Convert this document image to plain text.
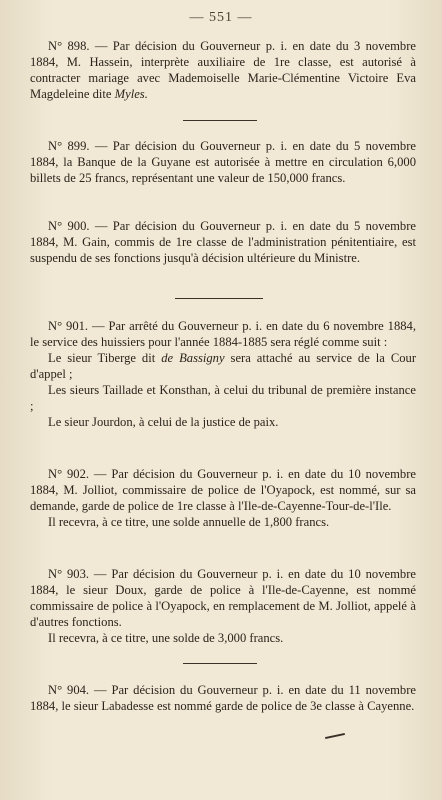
— 551 —

N° 898. — Par décision du Gouverneur p. i. en date du 3 novembre 1884, M. Hassein, interprète auxiliaire de 1re classe, est autorisé à contracter mariage avec Mademoiselle Marie-Clémentine Victoire Eva Magdeleine dite Myles.

N° 899. — Par décision du Gouverneur p. i. en date du 5 novembre 1884, la Banque de la Guyane est autorisée à mettre en circulation 6,000 billets de 25 francs, représentant une valeur de 150,000 francs.

N° 900. — Par décision du Gouverneur p. i. en date du 5 novembre 1884, M. Gain, commis de 1re classe de l'administration pénitentiaire, est suspendu de ses fonctions jusqu'à décision ultérieure du Ministre.

N° 901. — Par arrêté du Gouverneur p. i. en date du 6 novembre 1884, le service des huissiers pour l'année 1884-1885 sera réglé comme suit :

Le sieur Tiberge dit de Bassigny sera attaché au service de la Cour d'appel ;

Les sieurs Taillade et Konsthan, à celui du tribunal de première instance ;

Le sieur Jourdon, à celui de la justice de paix.

N° 902. — Par décision du Gouverneur p. i. en date du 10 novembre 1884, M. Jolliot, commissaire de police de l'Oyapock, est nommé, sur sa demande, garde de police de 1re classe à l'Ile-de-Cayenne-Tour-de-l'Ile.

Il recevra, à ce titre, une solde annuelle de 1,800 francs.

N° 903. — Par décision du Gouverneur p. i. en date du 10 novembre 1884, le sieur Doux, garde de police à l'Ile-de-Cayenne, est nommé commissaire de police à l'Oyapock, en remplacement de M. Jolliot, appelé à d'autres fonctions.

Il recevra, à ce titre, une solde de 3,000 francs.

N° 904. — Par décision du Gouverneur p. i. en date du 11 novembre 1884, le sieur Labadesse est nommé garde de police de 3e classe à Cayenne.
